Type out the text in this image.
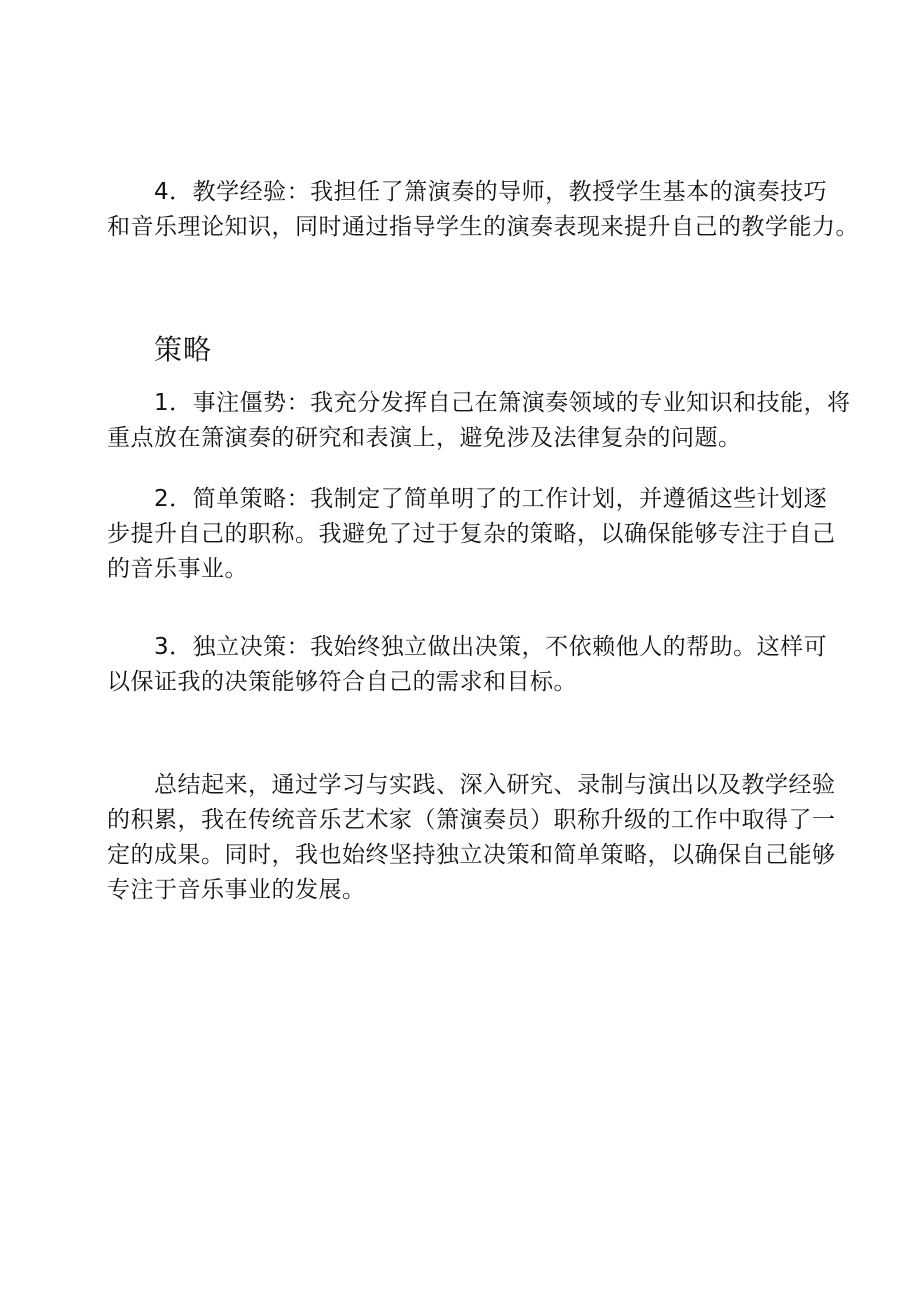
4．教学经验：我担任了箫演奏的导师，教授学生基本的演奏技巧
和音乐理论知识，同时通过指导学生的演奏表现来提升自己的教学能力。
策略
1．事注僵势：我充分发挥自己在箫演奏领域的专业知识和技能，将
重点放在箫演奏的研究和表演上，避免涉及法律复杂的问题。
2．简单策略：我制定了简单明了的工作计划，并遵循这些计划逐
步提升自己的职称。我避免了过于复杂的策略，以确保能够专注于自己
的音乐事业。
3．独立决策：我始终独立做出决策，不依赖他人的帮助。这样可
以保证我的决策能够符合自己的需求和目标。
总结起来，通过学习与实践、深入研究、录制与演出以及教学经验
的积累，我在传统音乐艺术家（箫演奏员）职称升级的工作中取得了一
定的成果。同时，我也始终坚持独立决策和简单策略，以确保自己能够
专注于音乐事业的发展。
